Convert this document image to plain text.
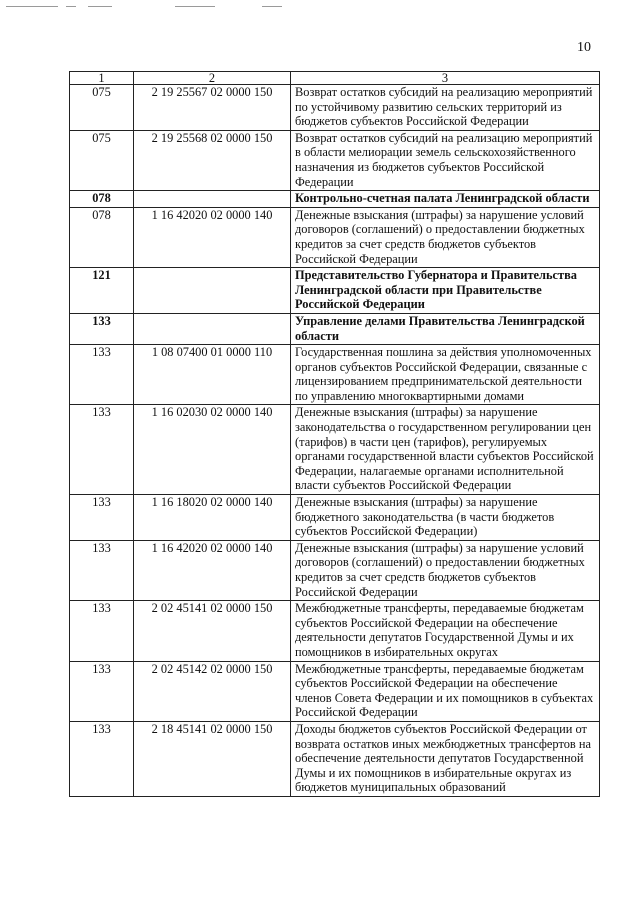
10
1	2	3
075	2 19 25567 02 0000 150	Возврат остатков субсидий на реализацию мероприятий по устойчивому развитию сельских территорий из бюджетов субъектов Российской Федерации
075	2 19 25568 02 0000 150	Возврат остатков субсидий на реализацию мероприятий в области мелиорации земель сельскохозяйственного назначения из бюджетов субъектов Российской Федерации
078		Контрольно-счетная палата Ленинградской области
078	1 16 42020 02 0000 140	Денежные взыскания (штрафы) за нарушение условий договоров (соглашений) о предоставлении бюджетных кредитов за счет средств бюджетов субъектов Российской Федерации
121		Представительство Губернатора и Правительства Ленинградской области при Правительстве Российской Федерации
133		Управление делами Правительства Ленинградской области
133	1 08 07400 01 0000 110	Государственная пошлина за действия уполномоченных органов субъектов Российской Федерации, связанные с лицензированием предпринимательской деятельности по управлению многоквартирными домами
133	1 16 02030 02 0000 140	Денежные взыскания (штрафы) за нарушение законодательства о государственном регулировании цен (тарифов) в части цен (тарифов), регулируемых органами государственной власти субъектов Российской Федерации, налагаемые органами исполнительной власти субъектов Российской Федерации
133	1 16 18020 02 0000 140	Денежные взыскания (штрафы) за нарушение бюджетного законодательства (в части бюджетов субъектов Российской Федерации)
133	1 16 42020 02 0000 140	Денежные взыскания (штрафы) за нарушение условий договоров (соглашений) о предоставлении бюджетных кредитов за счет средств бюджетов субъектов Российской Федерации
133	2 02 45141 02 0000 150	Межбюджетные трансферты, передаваемые бюджетам субъектов Российской Федерации на обеспечение деятельности депутатов Государственной Думы и их помощников в избирательных округах
133	2 02 45142 02 0000 150	Межбюджетные трансферты, передаваемые бюджетам субъектов Российской Федерации на обеспечение членов Совета Федерации и их помощников в субъектах Российской Федерации
133	2 18 45141 02 0000 150	Доходы бюджетов субъектов Российской Федерации от возврата остатков иных межбюджетных трансфертов на обеспечение деятельности депутатов Государственной Думы и их помощников в избирательные округах из бюджетов муниципальных образований
